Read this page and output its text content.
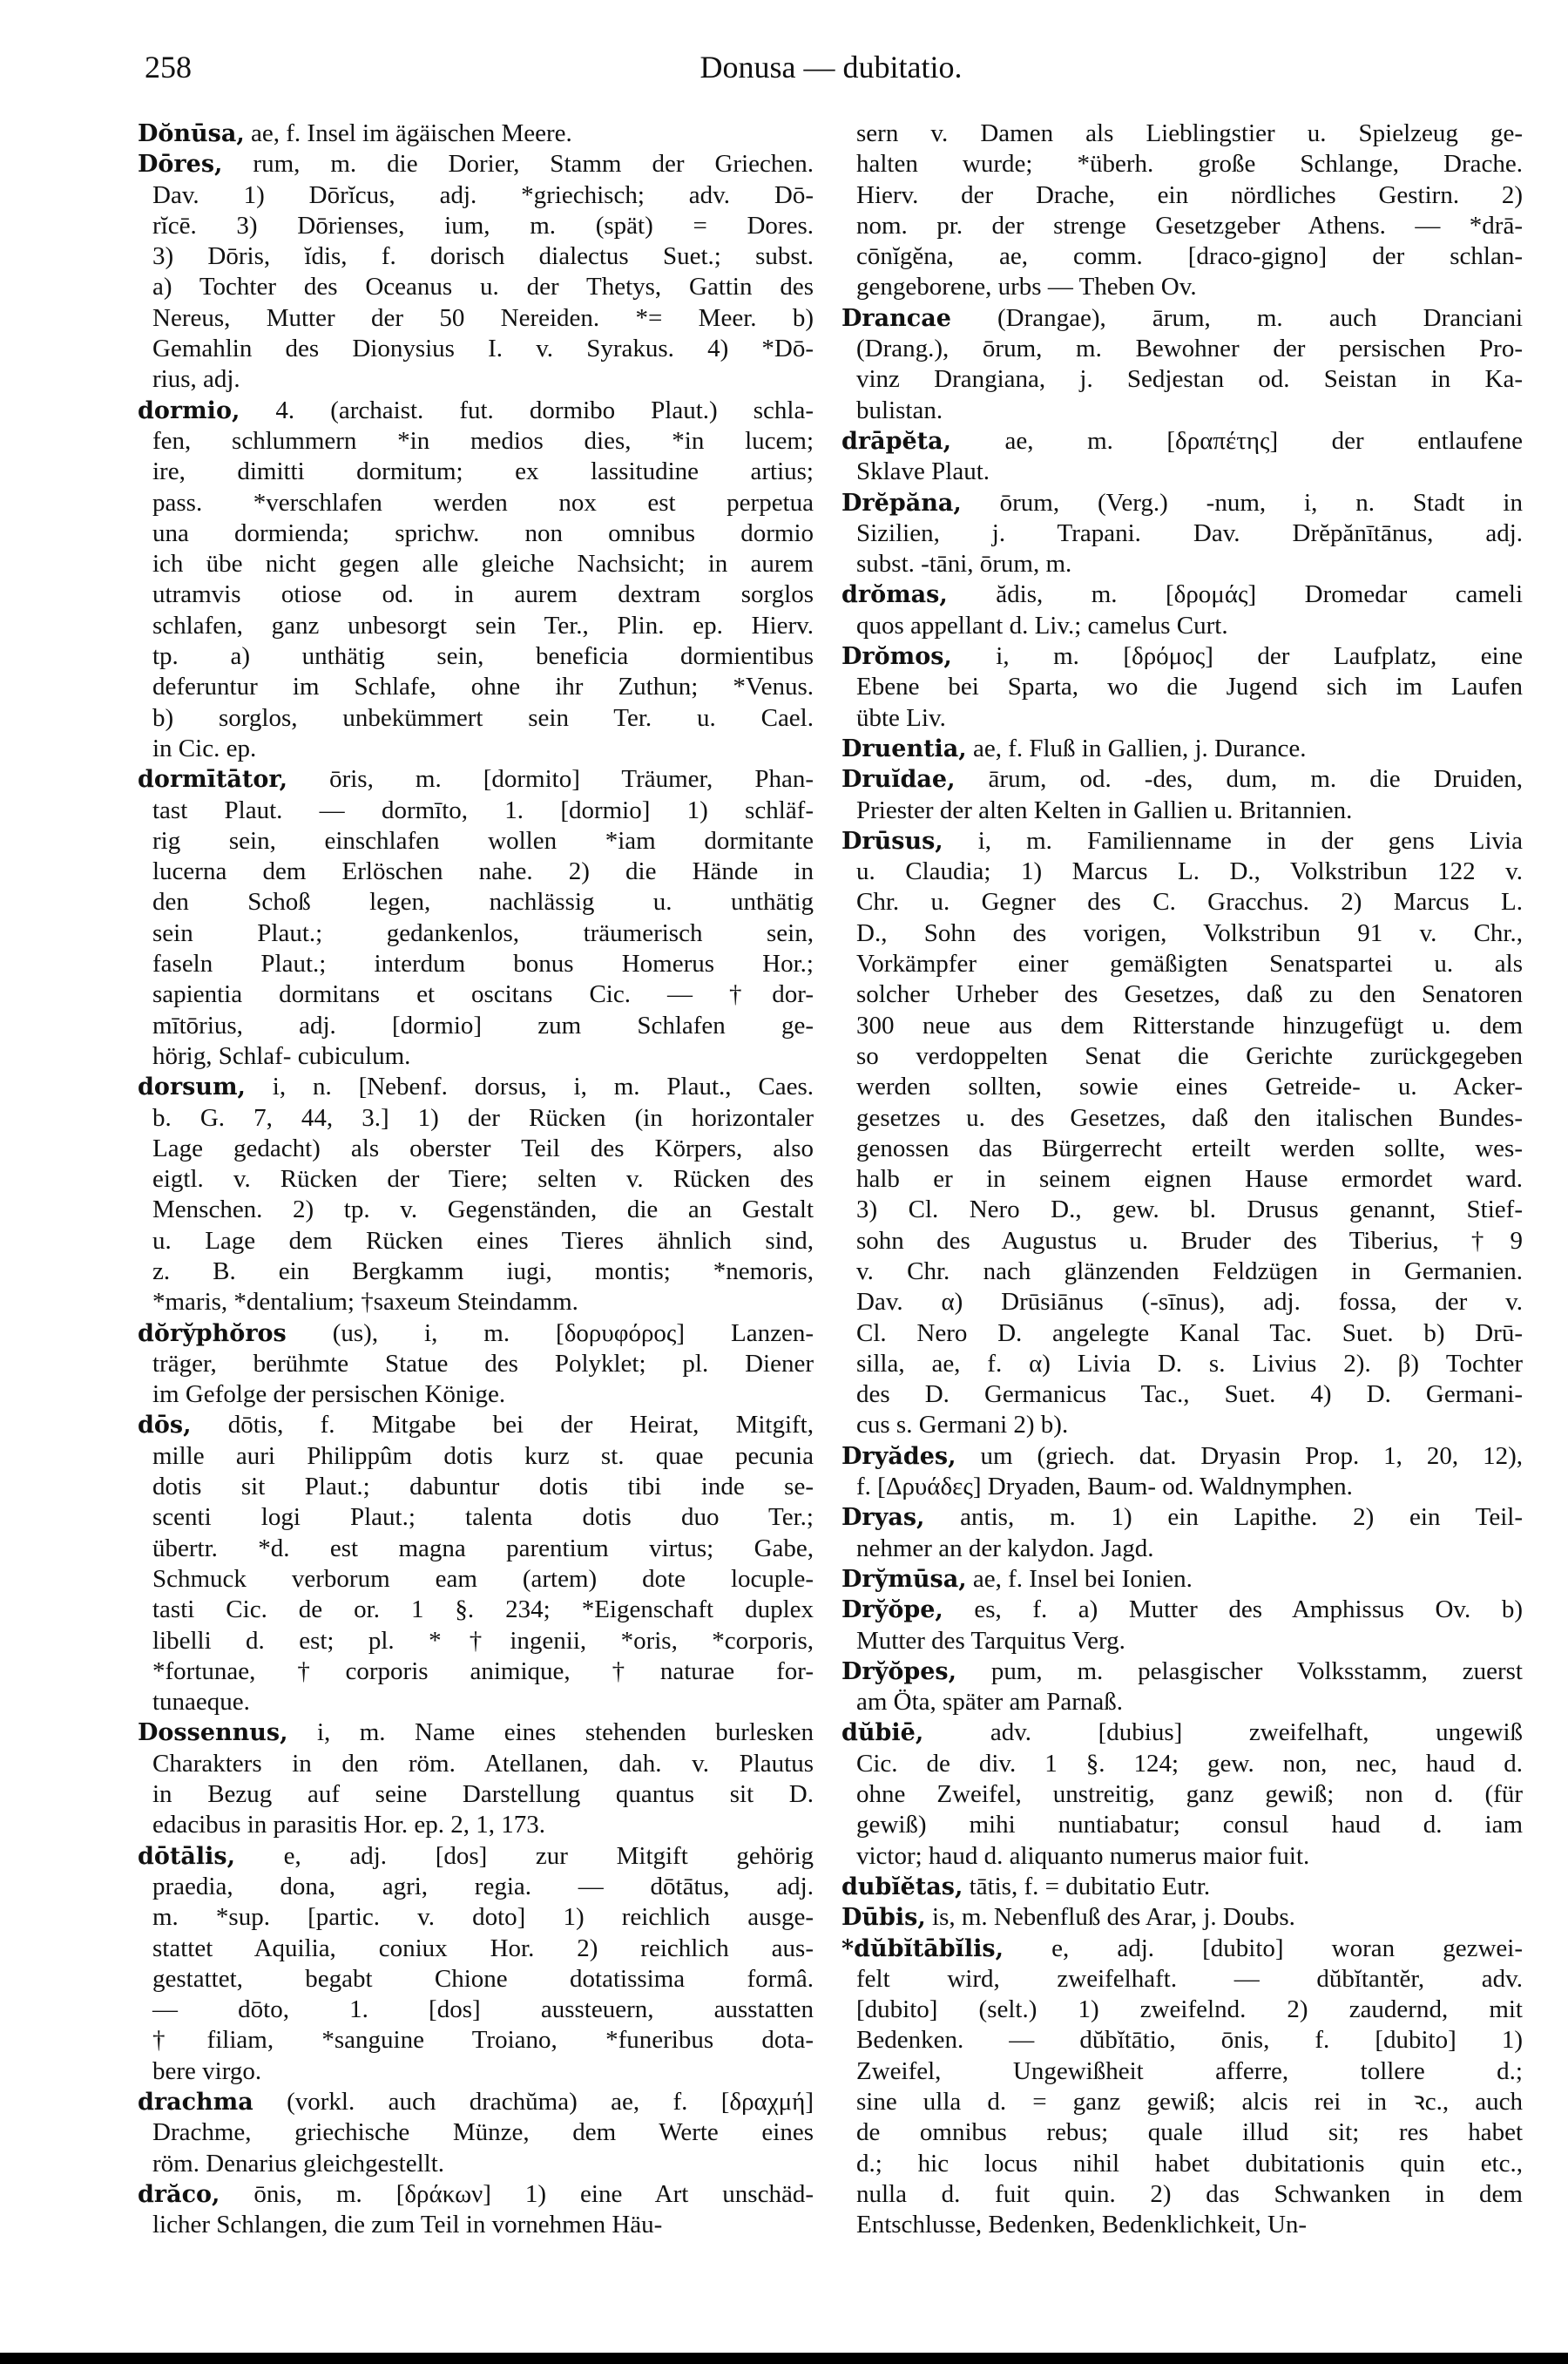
258	Donusa — dubitatio.
Dŏnūsa, ae, f. Insel im ägäischen Meere.
Dōres, rum, m. die Dorier, Stamm der Griechen.
Dav. 1) Dōrĭcus, adj. *griechisch; adv. Dō-
rĭcē. 3) Dōrienses, ium, m. (spät) = Dores.
3) Dōris, ĭdis, f. dorisch dialectus Suet.; subst.
a) Tochter des Oceanus u. der Thetys, Gattin des
Nereus, Mutter der 50 Nereiden. *= Meer. b)
Gemahlin des Dionysius I. v. Syrakus. 4) *Dō-
rius, adj.
dormio, 4. (archaist. fut. dormibo Plaut.) schla-
fen, schlummern *in medios dies, *in lucem;
ire, dimitti dormitum; ex lassitudine artius;
pass. *verschlafen werden nox est perpetua
una dormienda; sprichw. non omnibus dormio
ich übe nicht gegen alle gleiche Nachsicht; in aurem
utramvis otiose od. in aurem dextram sorglos
schlafen, ganz unbesorgt sein Ter., Plin. ep. Hierv.
tp. a) unthätig sein, beneficia dormientibus
deferuntur im Schlafe, ohne ihr Zuthun; *Venus.
b) sorglos, unbekümmert sein Ter. u. Cael.
in Cic. ep.
dormītātor, ōris, m. [dormito] Träumer, Phan-
tast Plaut. — dormīto, 1. [dormio] 1) schläf-
rig sein, einschlafen wollen *iam dormitante
lucerna dem Erlöschen nahe. 2) die Hände in
den Schoß legen, nachlässig u. unthätig
sein Plaut.; gedankenlos, träumerisch sein,
faseln Plaut.; interdum bonus Homerus Hor.;
sapientia dormitans et oscitans Cic. — †dor-
mītōrius, adj. [dormio] zum Schlafen ge-
hörig, Schlaf- cubiculum.
dorsum, i, n. [Nebenf. dorsus, i, m. Plaut., Caes.
b. G. 7, 44, 3.] 1) der Rücken (in horizontaler
Lage gedacht) als oberster Teil des Körpers, also
eigtl. v. Rücken der Tiere; selten v. Rücken des
Menschen. 2) tp. v. Gegenständen, die an Gestalt
u. Lage dem Rücken eines Tieres ähnlich sind,
z. B. ein Bergkamm iugi, montis; *nemoris,
*maris, *dentalium; †saxeum Steindamm.
dŏry̆phŏros (us), i, m. [δορυφόρος] Lanzen-
träger, berühmte Statue des Polyklet; pl. Diener
im Gefolge der persischen Könige.
dōs, dōtis, f. Mitgabe bei der Heirat, Mitgift,
mille auri Philippûm dotis kurz st. quae pecunia
dotis sit Plaut.; dabuntur dotis tibi inde se-
scenti logi Plaut.; talenta dotis duo Ter.;
übertr. *d. est magna parentium virtus; Gabe,
Schmuck verborum eam (artem) dote locuple-
tasti Cic. de or. 1 §. 234; *Eigenschaft duplex
libelli d. est; pl. *†ingenii, *oris, *corporis,
*fortunae, †corporis animique, †naturae for-
tunaeque.
Dossennus, i, m. Name eines stehenden burlesken
Charakters in den röm. Atellanen, dah. v. Plautus
in Bezug auf seine Darstellung quantus sit D.
edacibus in parasitis Hor. ep. 2, 1, 173.
dōtālis, e, adj. [dos] zur Mitgift gehörig
praedia, dona, agri, regia. — dōtātus, adj.
m. *sup. [partic. v. doto] 1) reichlich ausge-
stattet Aquilia, coniux Hor. 2) reichlich aus-
gestattet, begabt Chione dotatissima formâ.
— dōto, 1. [dos] aussteuern, ausstatten
†filiam, *sanguine Troiano, *funeribus dota-
bere virgo.
drachma (vorkl. auch drachŭma) ae, f. [δραχμή]
Drachme, griechische Münze, dem Werte eines
röm. Denarius gleichgestellt.
drăco, ōnis, m. [δράκων] 1) eine Art unschäd-
licher Schlangen, die zum Teil in vornehmen Häu-
sern v. Damen als Lieblingstier u. Spielzeug ge-
halten wurde; *überh. große Schlange, Drache.
Hierv. der Drache, ein nördliches Gestirn. 2)
nom. pr. der strenge Gesetzgeber Athens. — *drā-
cōnĭgĕna, ae, comm. [draco-gigno] der schlan-
gengeborene, urbs — Theben Ov.
Drancae (Drangae), ārum, m. auch Dranciani
(Drang.), ōrum, m. Bewohner der persischen Pro-
vinz Drangiana, j. Sedjestan od. Seistan in Ka-
bulistan.
drāpĕta, ae, m. [δραπέτης] der entlaufene
Sklave Plaut.
Drĕpăna, ōrum, (Verg.) -num, i, n. Stadt in
Sizilien, j. Trapani. Dav. Drĕpănītānus, adj.
subst. -tāni, ōrum, m.
drŏmas, ădis, m. [δρομάς] Dromedar cameli
quos appellant d. Liv.; camelus Curt.
Drŏmos, i, m. [δρόμος] der Laufplatz, eine
Ebene bei Sparta, wo die Jugend sich im Laufen
übte Liv.
Druentia, ae, f. Fluß in Gallien, j. Durance.
Druĭdae, ārum, od. -des, dum, m. die Druiden,
Priester der alten Kelten in Gallien u. Britannien.
Drūsus, i, m. Familienname in der gens Livia
u. Claudia; 1) Marcus L. D., Volkstribun 122 v.
Chr. u. Gegner des C. Gracchus. 2) Marcus L.
D., Sohn des vorigen, Volkstribun 91 v. Chr.,
Vorkämpfer einer gemäßigten Senatspartei u. als
solcher Urheber des Gesetzes, daß zu den Senatoren
300 neue aus dem Ritterstande hinzugefügt u. dem
so verdoppelten Senat die Gerichte zurückgegeben
werden sollten, sowie eines Getreide- u. Acker-
gesetzes u. des Gesetzes, daß den italischen Bundes-
genossen das Bürgerrecht erteilt werden sollte, wes-
halb er in seinem eignen Hause ermordet ward.
3) Cl. Nero D., gew. bl. Drusus genannt, Stief-
sohn des Augustus u. Bruder des Tiberius, †9
v. Chr. nach glänzenden Feldzügen in Germanien.
Dav. α) Drūsiānus (-sīnus), adj. fossa, der v.
Cl. Nero D. angelegte Kanal Tac. Suet. b) Drū-
silla, ae, f. α) Livia D. s. Livius 2). β) Tochter
des D. Germanicus Tac., Suet. 4) D. Germani-
cus s. Germani 2) b).
Dryădes, um (griech. dat. Dryasin Prop. 1, 20, 12),
f. [Δρυάδες] Dryaden, Baum- od. Waldnymphen.
Dryas, antis, m. 1) ein Lapithe. 2) ein Teil-
nehmer an der kalydon. Jagd.
Dry̆mūsa, ae, f. Insel bei Ionien.
Dry̆ŏpe, es, f. a) Mutter des Amphissus Ov. b)
Mutter des Tarquitus Verg.
Dry̆ŏpes, pum, m. pelasgischer Volksstamm, zuerst
am Öta, später am Parnaß.
dŭbiē, adv. [dubius] zweifelhaft, ungewiß
Cic. de div. 1 §. 124; gew. non, nec, haud d.
ohne Zweifel, unstreitig, ganz gewiß; non d. (für
gewiß) mihi nuntiabatur; consul haud d. iam
victor; haud d. aliquanto numerus maior fuit.
dubĭĕtas, tātis, f. = dubitatio Eutr.
Dūbis, is, m. Nebenfluß des Arar, j. Doubs.
*dŭbĭtābĭlis, e, adj. [dubito] woran gezwei-
felt wird, zweifelhaft. — dŭbĭtantĕr, adv.
[dubito] (selt.) 1) zweifelnd. 2) zaudernd, mit
Bedenken. — dŭbĭtātio, ōnis, f. [dubito] 1)
Zweifel, Ungewißheit afferre, tollere d.;
sine ulla d. = ganz gewiß; alcis rei in ꝛc., auch
de omnibus rebus; quale illud sit; res habet
d.; hic locus nihil habet dubitationis quin etc.,
nulla d. fuit quin. 2) das Schwanken in dem
Entschlusse, Bedenken, Bedenklichkeit, Un-
